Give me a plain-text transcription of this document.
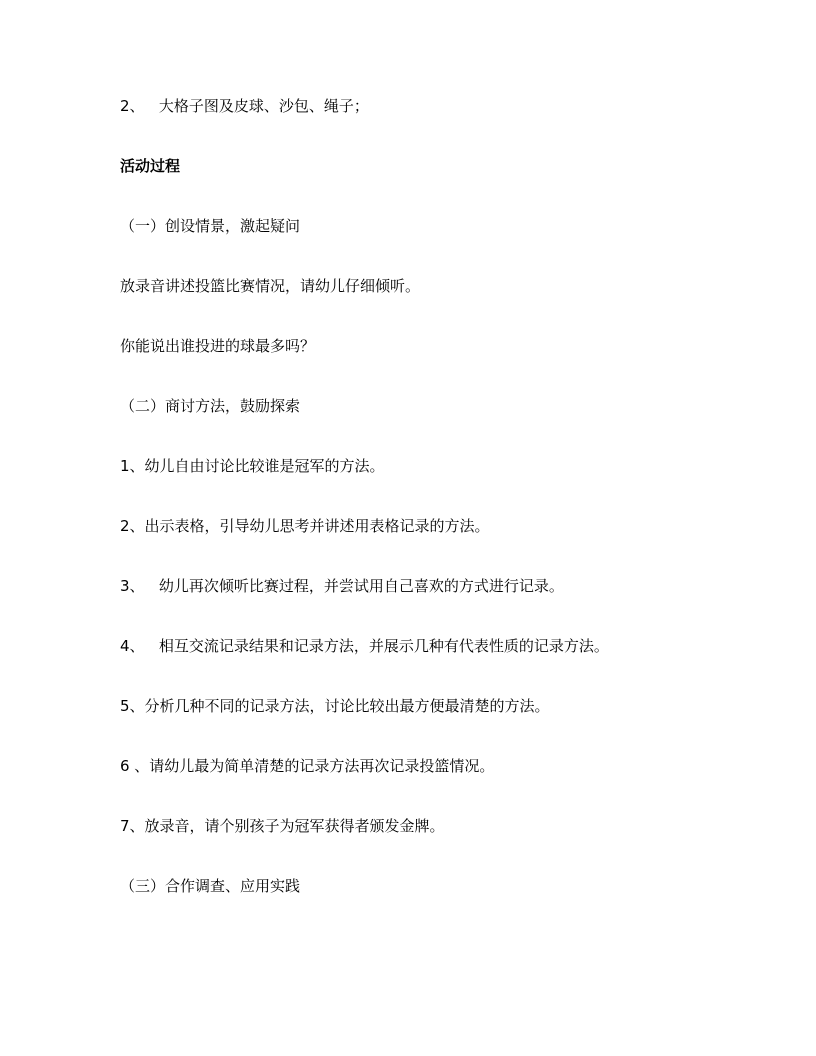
2、   大格子图及皮球、沙包、绳子；
活动过程
（一）创设情景，激起疑问
放录音讲述投篮比赛情况，请幼儿仔细倾听。
你能说出谁投进的球最多吗？
（二）商讨方法，鼓励探索
1、幼儿自由讨论比较谁是冠军的方法。
2、出示表格，引导幼儿思考并讲述用表格记录的方法。
3、   幼儿再次倾听比赛过程，并尝试用自己喜欢的方式进行记录。
4、   相互交流记录结果和记录方法，并展示几种有代表性质的记录方法。
5、分析几种不同的记录方法，讨论比较出最方便最清楚的方法。
6 、请幼儿最为简单清楚的记录方法再次记录投篮情况。
7、放录音，请个别孩子为冠军获得者颁发金牌。
（三）合作调查、应用实践
